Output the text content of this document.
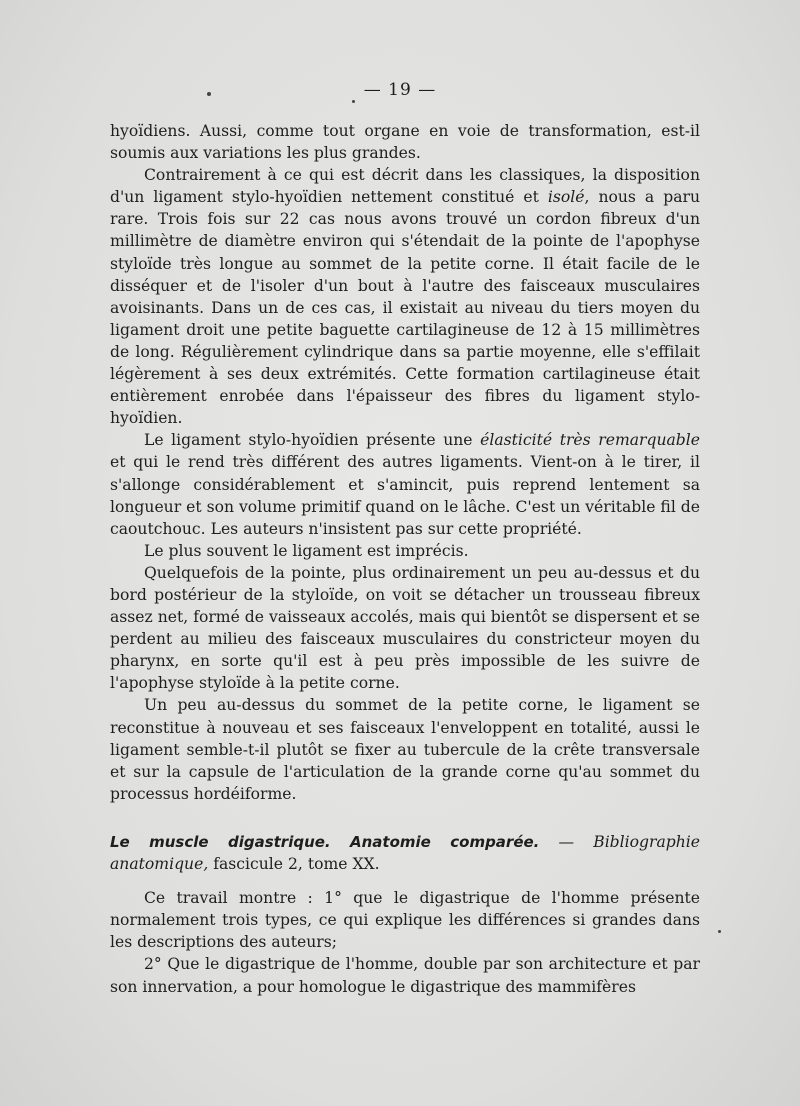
— 19 —

hyoïdiens. Aussi, comme tout organe en voie de transformation, est-il soumis aux variations les plus grandes.

Contrairement à ce qui est décrit dans les classiques, la disposition d'un ligament stylo-hyoïdien nettement constitué et isolé, nous a paru rare. Trois fois sur 22 cas nous avons trouvé un cordon fibreux d'un millimètre de diamètre environ qui s'étendait de la pointe de l'apophyse styloïde très longue au sommet de la petite corne. Il était facile de le disséquer et de l'isoler d'un bout à l'autre des faisceaux musculaires avoisinants. Dans un de ces cas, il existait au niveau du tiers moyen du ligament droit une petite baguette cartilagineuse de 12 à 15 millimètres de long. Régulièrement cylindrique dans sa partie moyenne, elle s'effilait légèrement à ses deux extrémités. Cette formation cartilagineuse était entièrement enrobée dans l'épaisseur des fibres du ligament stylo-hyoïdien.

Le ligament stylo-hyoïdien présente une élasticité très remarquable et qui le rend très différent des autres ligaments. Vient-on à le tirer, il s'allonge considérablement et s'amincit, puis reprend lentement sa longueur et son volume primitif quand on le lâche. C'est un véritable fil de caoutchouc. Les auteurs n'insistent pas sur cette propriété.

Le plus souvent le ligament est imprécis.

Quelquefois de la pointe, plus ordinairement un peu au-dessus et du bord postérieur de la styloïde, on voit se détacher un trousseau fibreux assez net, formé de vaisseaux accolés, mais qui bientôt se dispersent et se perdent au milieu des faisceaux musculaires du constricteur moyen du pharynx, en sorte qu'il est à peu près impossible de les suivre de l'apophyse styloïde à la petite corne.

Un peu au-dessus du sommet de la petite corne, le ligament se reconstitue à nouveau et ses faisceaux l'enveloppent en totalité, aussi le ligament semble-t-il plutôt se fixer au tubercule de la crête transversale et sur la capsule de l'articulation de la grande corne qu'au sommet du processus hordéiforme.

Le muscle digastrique. Anatomie comparée. — Bibliographie anatomique, fascicule 2, tome XX.

Ce travail montre : 1° que le digastrique de l'homme présente normalement trois types, ce qui explique les différences si grandes dans les descriptions des auteurs;

2° Que le digastrique de l'homme, double par son architecture et par son innervation, a pour homologue le digastrique des mammifères
